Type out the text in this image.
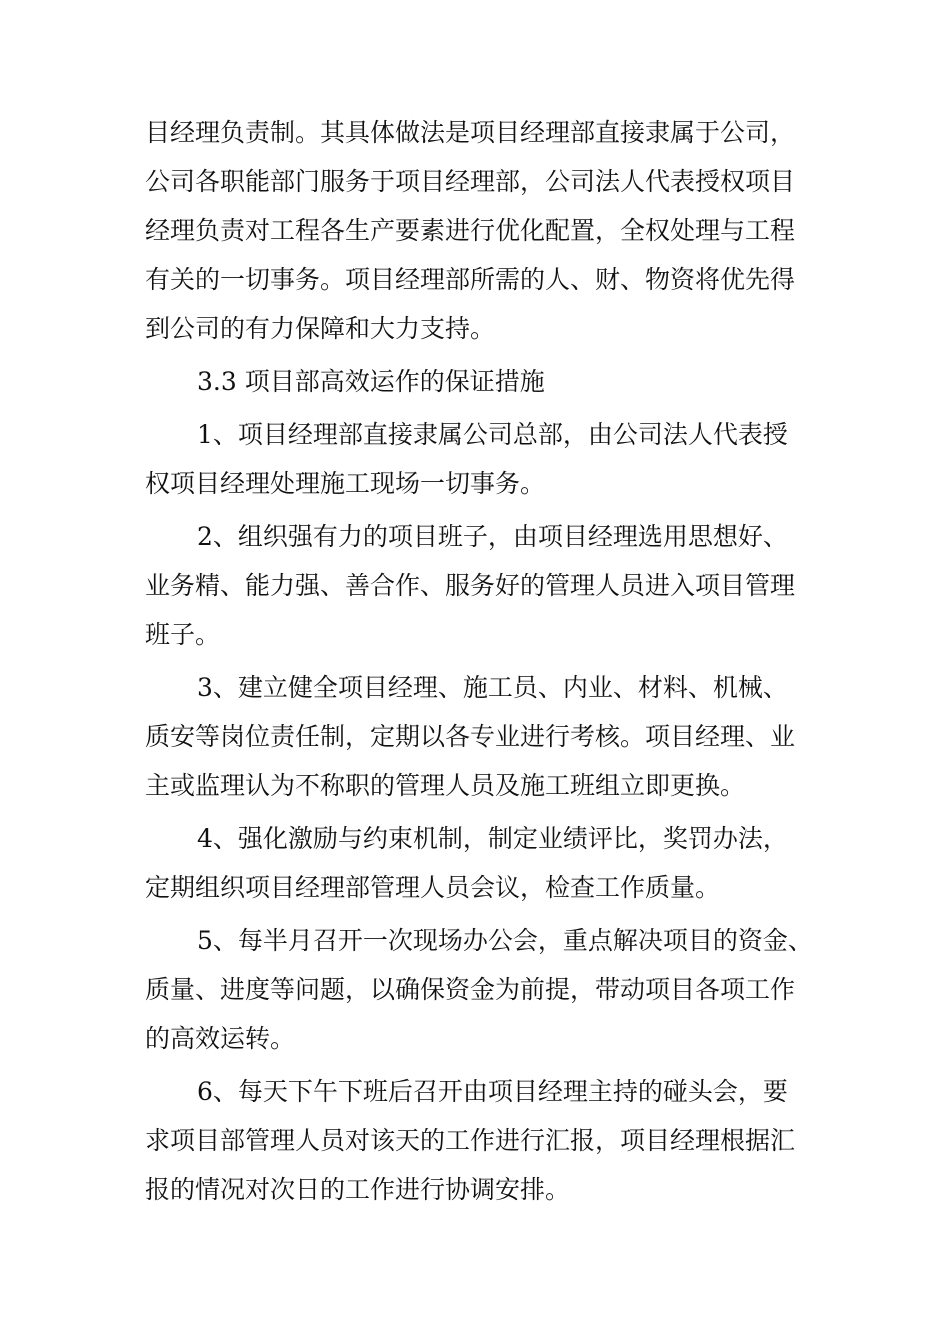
目经理负责制。其具体做法是项目经理部直接隶属于公司，
公司各职能部门服务于项目经理部，公司法人代表授权项目
经理负责对工程各生产要素进行优化配置，全权处理与工程
有关的一切事务。项目经理部所需的人、财、物资将优先得
到公司的有力保障和大力支持。
3.3 项目部高效运作的保证措施
1、项目经理部直接隶属公司总部，由公司法人代表授
权项目经理处理施工现场一切事务。
2、组织强有力的项目班子，由项目经理选用思想好、
业务精、能力强、善合作、服务好的管理人员进入项目管理
班子。
3、建立健全项目经理、施工员、内业、材料、机械、
质安等岗位责任制，定期以各专业进行考核。项目经理、业
主或监理认为不称职的管理人员及施工班组立即更换。
4、强化激励与约束机制，制定业绩评比，奖罚办法，
定期组织项目经理部管理人员会议，检查工作质量。
5、每半月召开一次现场办公会，重点解决项目的资金、
质量、进度等问题，以确保资金为前提，带动项目各项工作
的高效运转。
6、每天下午下班后召开由项目经理主持的碰头会，要
求项目部管理人员对该天的工作进行汇报，项目经理根据汇
报的情况对次日的工作进行协调安排。
